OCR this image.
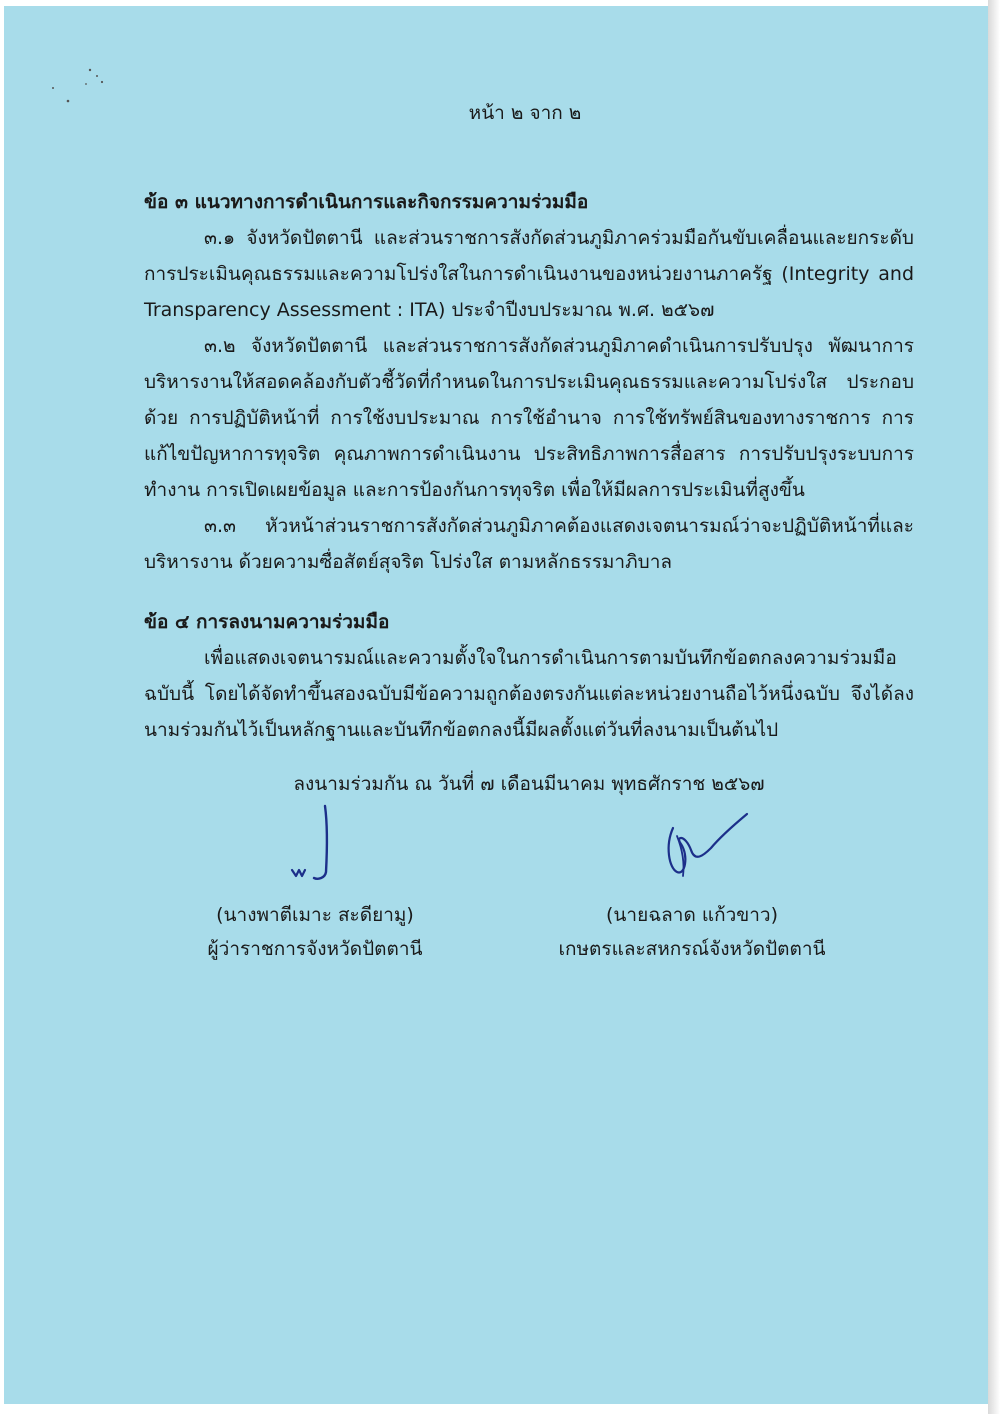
หน้า ๒ จาก ๒

ข้อ ๓ แนวทางการดำเนินการและกิจกรรมความร่วมมือ

๓.๑ จังหวัดปัตตานี และส่วนราชการสังกัดส่วนภูมิภาคร่วมมือกันขับเคลื่อนและยกระดับการประเมินคุณธรรมและความโปร่งใสในการดำเนินงานของหน่วยงานภาครัฐ (Integrity and Transparency Assessment : ITA) ประจำปีงบประมาณ พ.ศ. ๒๕๖๗

๓.๒ จังหวัดปัตตานี และส่วนราชการสังกัดส่วนภูมิภาคดำเนินการปรับปรุง พัฒนาการบริหารงานให้สอดคล้องกับตัวชี้วัดที่กำหนดในการประเมินคุณธรรมและความโปร่งใส ประกอบด้วย การปฏิบัติหน้าที่ การใช้งบประมาณ การใช้อำนาจ การใช้ทรัพย์สินของทางราชการ การแก้ไขปัญหาการทุจริต คุณภาพการดำเนินงาน ประสิทธิภาพการสื่อสาร การปรับปรุงระบบการทำงาน การเปิดเผยข้อมูล และการป้องกันการทุจริต เพื่อให้มีผลการประเมินที่สูงขึ้น

๓.๓ หัวหน้าส่วนราชการสังกัดส่วนภูมิภาคต้องแสดงเจตนารมณ์ว่าจะปฏิบัติหน้าที่และบริหารงาน ด้วยความซื่อสัตย์สุจริต โปร่งใส ตามหลักธรรมาภิบาล

ข้อ ๔ การลงนามความร่วมมือ

เพื่อแสดงเจตนารมณ์และความตั้งใจในการดำเนินการตามบันทึกข้อตกลงความร่วมมือฉบับนี้ โดยได้จัดทำขึ้นสองฉบับมีข้อความถูกต้องตรงกันแต่ละหน่วยงานถือไว้หนึ่งฉบับ จึงได้ลงนามร่วมกันไว้เป็นหลักฐานและบันทึกข้อตกลงนี้มีผลตั้งแต่วันที่ลงนามเป็นต้นไป

ลงนามร่วมกัน ณ วันที่ ๗ เดือนมีนาคม พุทธศักราช ๒๕๖๗

(นางพาตีเมาะ สะดียามู)
ผู้ว่าราชการจังหวัดปัตตานี
(นายฉลาด แก้วขาว)
เกษตรและสหกรณ์จังหวัดปัตตานี
